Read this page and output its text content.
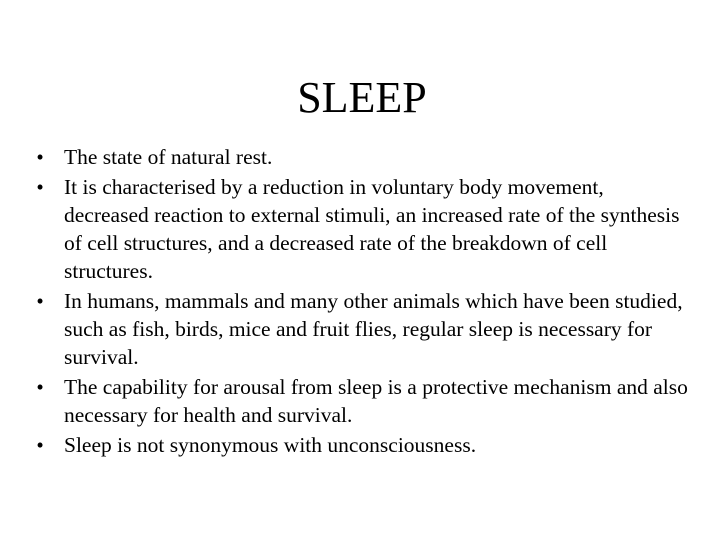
SLEEP
• The state of natural rest.
• It is characterised by a reduction in voluntary body movement, decreased reaction to external stimuli, an increased rate of the synthesis of cell structures, and a decreased rate of the breakdown of cell structures.
• In humans, mammals and many other animals which have been studied, such as fish, birds, mice and fruit flies, regular sleep is necessary for survival.
• The capability for arousal from sleep is a protective mechanism and also necessary for health and survival.
• Sleep is not synonymous with unconsciousness.
